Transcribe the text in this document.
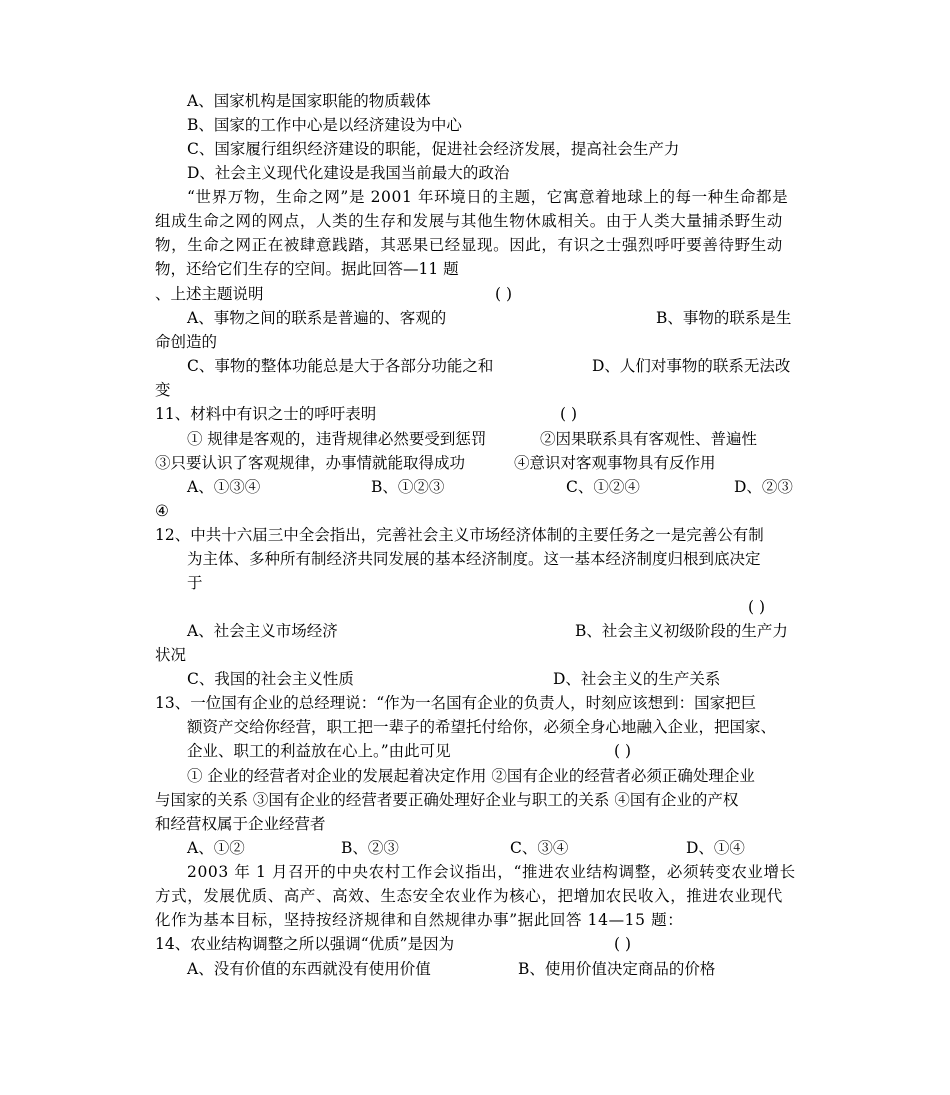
A、国家机构是国家职能的物质载体
B、国家的工作中心是以经济建设为中心
C、国家履行组织经济建设的职能，促进社会经济发展，提高社会生产力
D、社会主义现代化建设是我国当前最大的政治
“世界万物，生命之网”是 2001 年环境日的主题，它寓意着地球上的每一种生命都是
组成生命之网的网点，人类的生存和发展与其他生物休戚相关。由于人类大量捕杀野生动
物，生命之网正在被肆意践踏，其恶果已经显现。因此，有识之士强烈呼吁要善待野生动
物，还给它们生存的空间。据此回答—11 题
、上述主题说明	( )
A、事物之间的联系是普遍的、客观的	B、事物的联系是生
命创造的
C、事物的整体功能总是大于各部分功能之和	D、人们对事物的联系无法改
变
11、材料中有识之士的呼吁表明	( )
① 规律是客观的，违背规律必然要受到惩罚	②因果联系具有客观性、普遍性
③只要认识了客观规律，办事情就能取得成功	④意识对客观事物具有反作用
A、①③④	B、①②③	C、①②④	D、②③
④
12、中共十六届三中全会指出，完善社会主义市场经济体制的主要任务之一是完善公有制
为主体、多种所有制经济共同发展的基本经济制度。这一基本经济制度归根到底决定
于
( )
A、社会主义市场经济	B、社会主义初级阶段的生产力
状况
C、我国的社会主义性质	D、社会主义的生产关系
13、一位国有企业的总经理说：“作为一名国有企业的负责人，时刻应该想到：国家把巨
额资产交给你经营，职工把一辈子的希望托付给你，必须全身心地融入企业，把国家、
企业、职工的利益放在心上。”由此可见	( )
① 企业的经营者对企业的发展起着决定作用 ②国有企业的经营者必须正确处理企业
与国家的关系 ③国有企业的经营者要正确处理好企业与职工的关系 ④国有企业的产权
和经营权属于企业经营者
A、①②	B、②③	C、③④	D、①④
2003 年 1 月召开的中央农村工作会议指出，“推进农业结构调整，必须转变农业增长
方式，发展优质、高产、高效、生态安全农业作为核心，把增加农民收入，推进农业现代
化作为基本目标，坚持按经济规律和自然规律办事”据此回答 14—15 题：
14、农业结构调整之所以强调“优质”是因为	( )
A、没有价值的东西就没有使用价值	B、使用价值决定商品的价格
